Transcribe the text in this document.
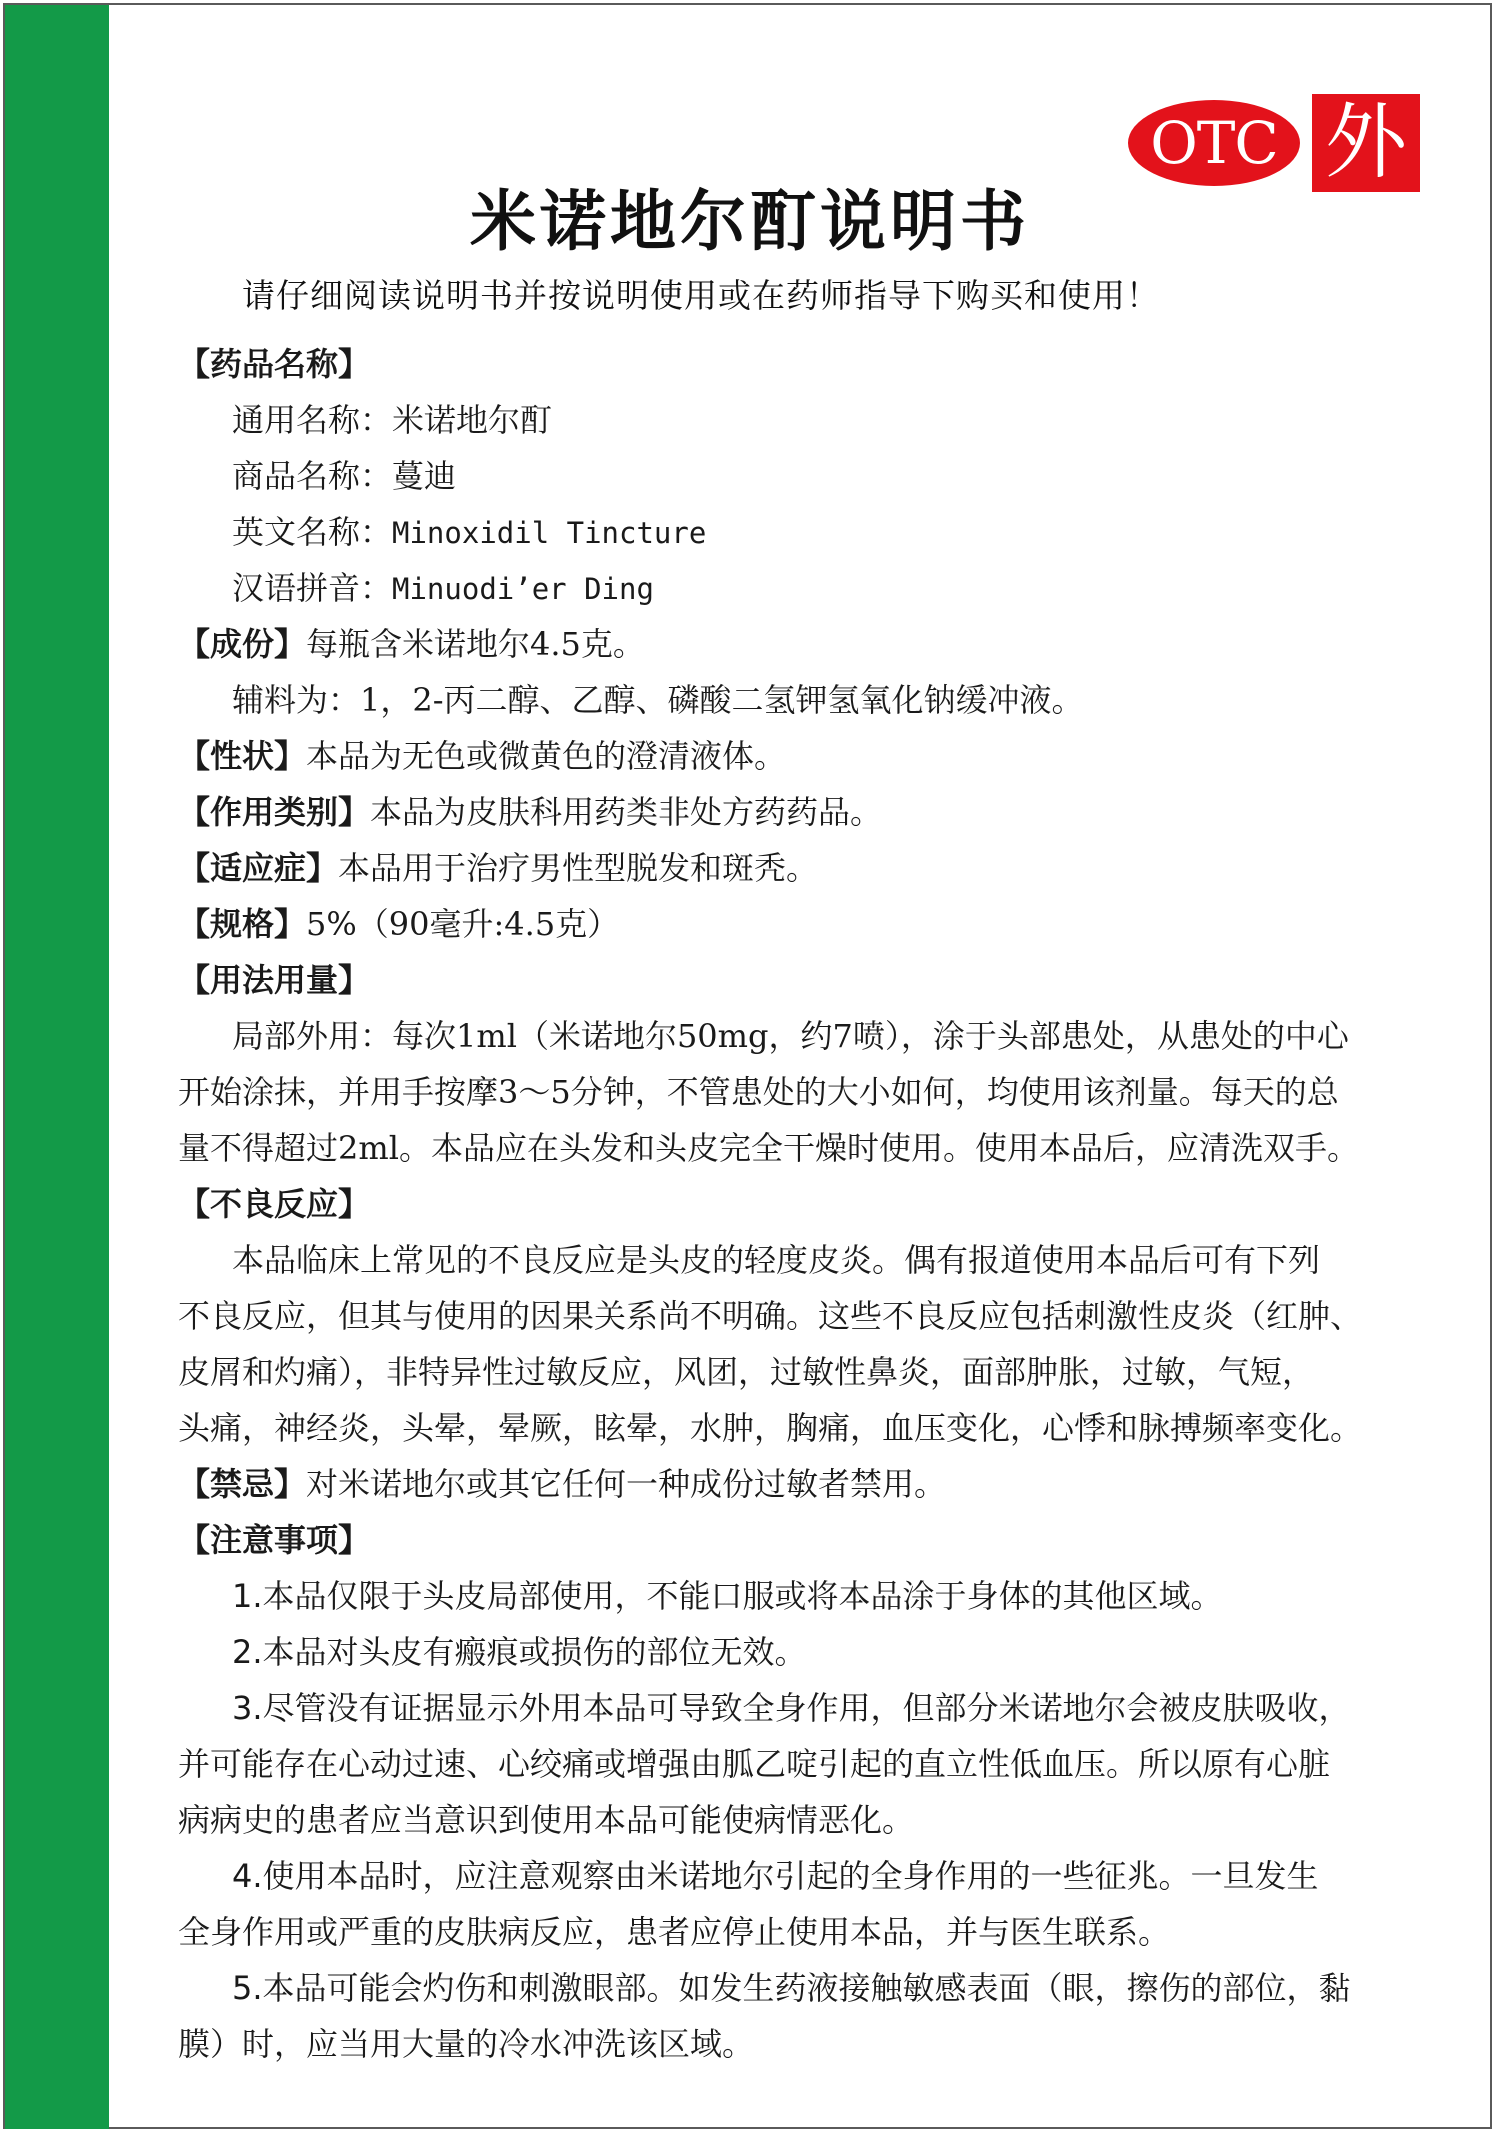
OTC 外
米诺地尔酊说明书
请仔细阅读说明书并按说明使用或在药师指导下购买和使用！
【药品名称】
通用名称：米诺地尔酊
商品名称：蔓迪
英文名称：Minoxidil Tincture
汉语拼音：Minuodi’er Ding
【成份】每瓶含米诺地尔4.5克。
辅料为：1，2-丙二醇、乙醇、磷酸二氢钾氢氧化钠缓冲液。
【性状】本品为无色或微黄色的澄清液体。
【作用类别】本品为皮肤科用药类非处方药药品。
【适应症】本品用于治疗男性型脱发和斑秃。
【规格】5%（90毫升:4.5克）
【用法用量】
局部外用：每次1ml（米诺地尔50mg，约7喷），涂于头部患处，从患处的中心
开始涂抹，并用手按摩3～5分钟，不管患处的大小如何，均使用该剂量。每天的总
量不得超过2ml。本品应在头发和头皮完全干燥时使用。使用本品后，应清洗双手。
【不良反应】
本品临床上常见的不良反应是头皮的轻度皮炎。偶有报道使用本品后可有下列
不良反应，但其与使用的因果关系尚不明确。这些不良反应包括刺激性皮炎（红肿、
皮屑和灼痛），非特异性过敏反应，风团，过敏性鼻炎，面部肿胀，过敏，气短，
头痛，神经炎，头晕，晕厥，眩晕，水肿，胸痛，血压变化，心悸和脉搏频率变化。
【禁忌】对米诺地尔或其它任何一种成份过敏者禁用。
【注意事项】
1.本品仅限于头皮局部使用，不能口服或将本品涂于身体的其他区域。
2.本品对头皮有瘢痕或损伤的部位无效。
3.尽管没有证据显示外用本品可导致全身作用，但部分米诺地尔会被皮肤吸收，
并可能存在心动过速、心绞痛或增强由胍乙啶引起的直立性低血压。所以原有心脏
病病史的患者应当意识到使用本品可能使病情恶化。
4.使用本品时，应注意观察由米诺地尔引起的全身作用的一些征兆。一旦发生
全身作用或严重的皮肤病反应，患者应停止使用本品，并与医生联系。
5.本品可能会灼伤和刺激眼部。如发生药液接触敏感表面（眼，擦伤的部位，黏
膜）时，应当用大量的冷水冲洗该区域。
